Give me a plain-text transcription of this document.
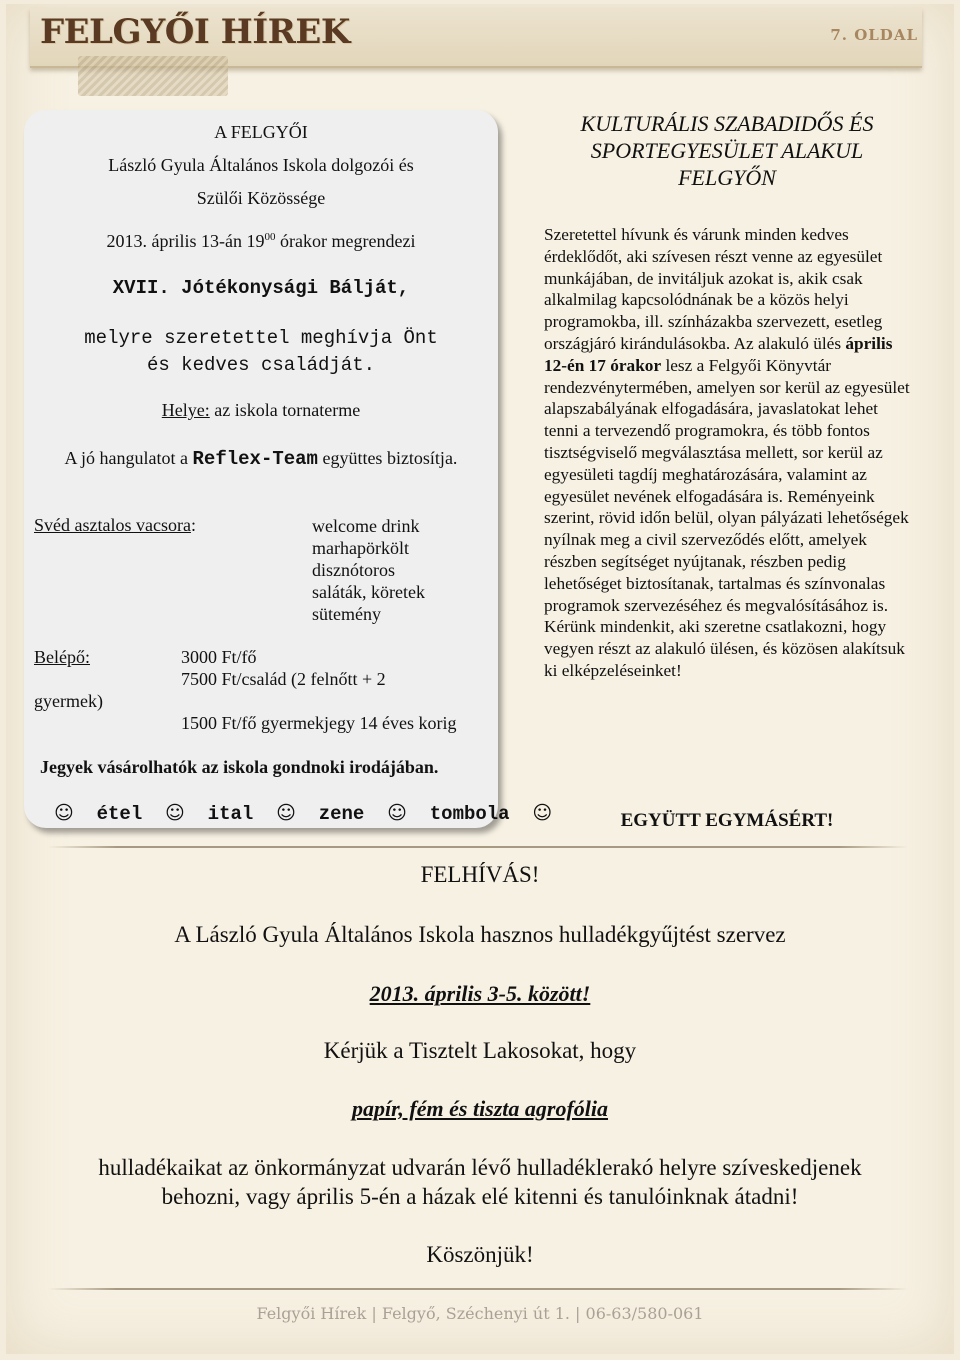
FELGYŐI HÍREK	7. OLDAL
A FELGYŐI
László Gyula Általános Iskola dolgozói és
Szülői Közössége
2013. április 13-án $19^{00}$ órakor megrendezi
XVII. Jótékonysági Bálját,
melyre szeretettel meghívja Önt
és kedves családját.
Helye: az iskola tornaterme
A jó hangulatot a Reflex-Team együttes biztosítja.
Svéd asztalos vacsora:	welcome drink
marhapörkölt
disznótoros
saláták, köretek
sütemény
Belépő:	3000 Ft/fő
7500 Ft/család (2 felnőtt + 2
gyermek)
1500 Ft/fő gyermekjegy 14 éves korig
Jegyek vásárolhatók az iskola gondnoki irodájában.
☺ étel ☺ ital ☺ zene ☺ tombola ☺
KULTURÁLIS SZABADIDŐS ÉS SPORTEGYESÜLET ALAKUL FELGYŐN
Szeretettel hívunk és várunk minden kedves érdeklődőt, aki szívesen részt venne az egyesület munkájában, de invitáljuk azokat is, akik csak alkalmilag kapcsolódnának be a közös helyi programokba, ill. színházakba szervezett, esetleg országjáró kirándulásokba. Az alakuló ülés április 12-én 17 órakor lesz a Felgyői Könyvtár rendezvénytermében, amelyen sor kerül az egyesület alapszabályának elfogadására, javaslatokat lehet tenni a tervezendő programokra, és több fontos tisztségviselő megválasztása mellett, sor kerül az egyesületi tagdíj meghatározására, valamint az egyesület nevének elfogadására is. Reményeink szerint, rövid időn belül, olyan pályázati lehetőségek nyílnak meg a civil szerveződés előtt, amelyek részben segítséget nyújtanak, részben pedig lehetőséget biztosítanak, tartalmas és színvonalas programok szervezéséhez és megvalósításához is. Kérünk mindenkit, aki szeretne csatlakozni, hogy vegyen részt az alakuló ülésen, és közösen alakítsuk ki elképzeléseinket!
EGYÜTT EGYMÁSÉRT!
FELHÍVÁS!
A László Gyula Általános Iskola hasznos hulladékgyűjtést szervez
2013. április 3-5. között!
Kérjük a Tisztelt Lakosokat, hogy
papír, fém és tiszta agrofólia
hulladékaikat az önkormányzat udvarán lévő hulladéklerakó helyre szíveskedjenek
behozni, vagy április 5-én a házak elé kitenni és tanulóinknak átadni!
Köszönjük!
Felgyői Hírek | Felgyő, Széchenyi út 1. | 06-63/580-061
